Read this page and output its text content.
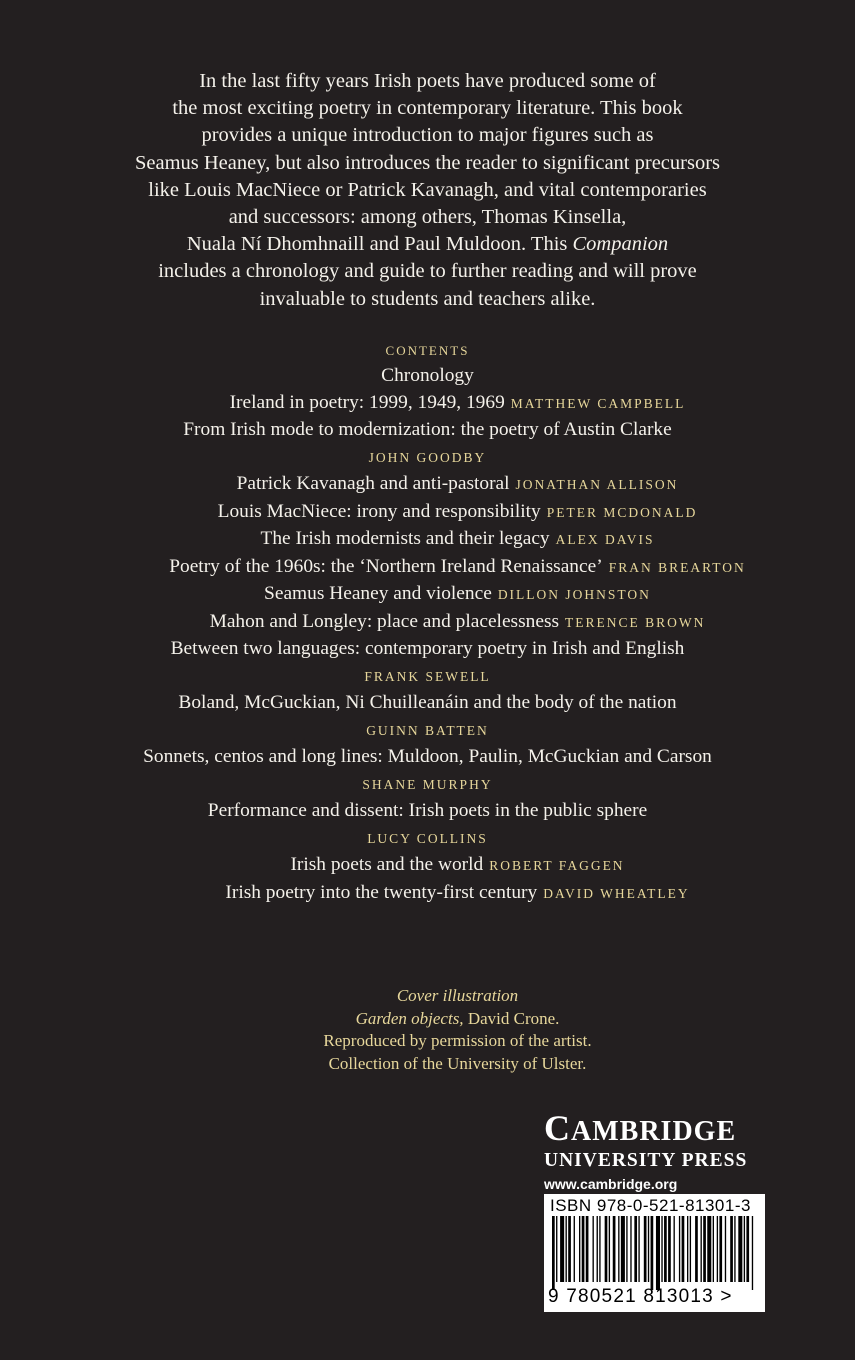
In the last fifty years Irish poets have produced some of
the most exciting poetry in contemporary literature. This book
provides a unique introduction to major figures such as
Seamus Heaney, but also introduces the reader to significant precursors
like Louis MacNiece or Patrick Kavanagh, and vital contemporaries
and successors: among others, Thomas Kinsella,
Nuala Ní Dhomhnaill and Paul Muldoon. This Companion
includes a chronology and guide to further reading and will prove
invaluable to students and teachers alike.
CONTENTS
Chronology
Ireland in poetry: 1999, 1949, 1969 MATTHEW CAMPBELL
From Irish mode to modernization: the poetry of Austin Clarke
JOHN GOODBY
Patrick Kavanagh and anti-pastoral JONATHAN ALLISON
Louis MacNiece: irony and responsibility PETER MCDONALD
The Irish modernists and their legacy ALEX DAVIS
Poetry of the 1960s: the ‘Northern Ireland Renaissance’ FRAN BREARTON
Seamus Heaney and violence DILLON JOHNSTON
Mahon and Longley: place and placelessness TERENCE BROWN
Between two languages: contemporary poetry in Irish and English
FRANK SEWELL
Boland, McGuckian, Ni Chuilleanáin and the body of the nation
GUINN BATTEN
Sonnets, centos and long lines: Muldoon, Paulin, McGuckian and Carson
SHANE MURPHY
Performance and dissent: Irish poets in the public sphere
LUCY COLLINS
Irish poets and the world ROBERT FAGGEN
Irish poetry into the twenty-first century DAVID WHEATLEY
Cover illustration
Garden objects, David Crone.
Reproduced by permission of the artist.
Collection of the University of Ulster.
CAMBRIDGE
UNIVERSITY PRESS
www.cambridge.org
ISBN 978-0-521-81301-3
9 780521 813013 >
